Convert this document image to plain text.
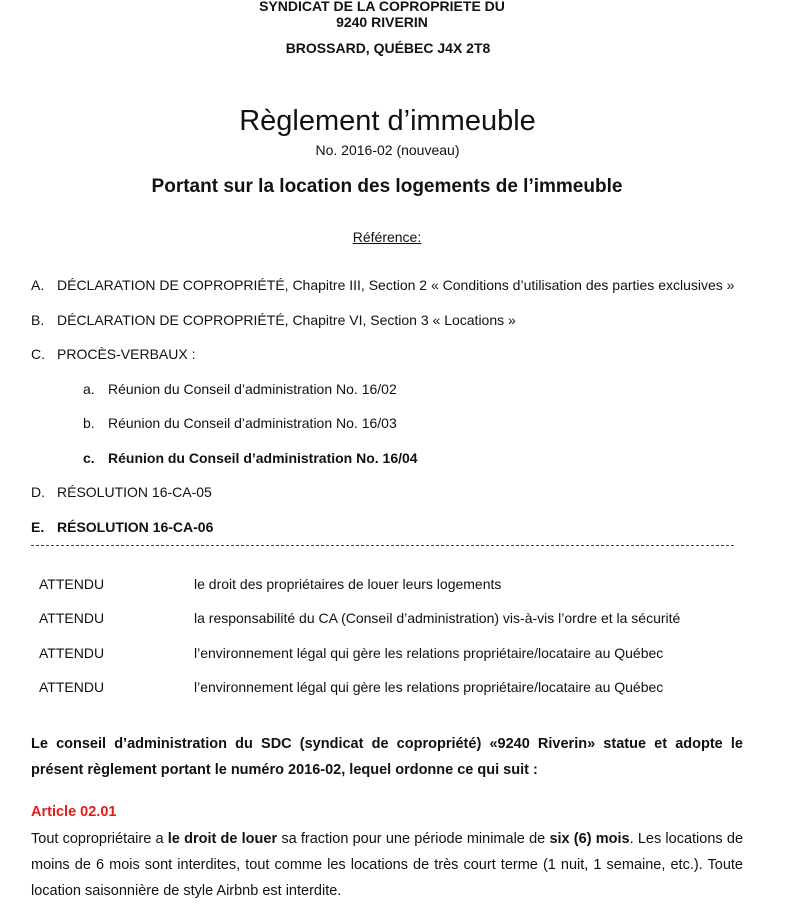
SYNDICAT DE LA COPROPRIETE DU
9240 RIVERIN
BROSSARD, QUÉBEC J4X 2T8
Règlement d’immeuble
No. 2016-02 (nouveau)
Portant sur la location des logements de l’immeuble
Référence:
A. DÉCLARATION DE COPROPRIÉTÉ, Chapitre III, Section 2 « Conditions d’utilisation des parties exclusives »
B. DÉCLARATION DE COPROPRIÉTÉ, Chapitre VI, Section 3 « Locations »
C. PROCÈS-VERBAUX :
a. Réunion du Conseil d’administration No. 16/02
b. Réunion du Conseil d’administration No. 16/03
c. Réunion du Conseil d’administration No. 16/04
D. RÉSOLUTION 16-CA-05
E. RÉSOLUTION 16-CA-06
ATTENDU	le droit des propriétaires de louer leurs logements
ATTENDU	la responsabilité du CA (Conseil d’administration) vis-à-vis l’ordre et la sécurité
ATTENDU	l’environnement légal qui gère les relations propriétaire/locataire au Québec
ATTENDU	l’environnement légal qui gère les relations propriétaire/locataire au Québec
Le conseil d’administration du SDC (syndicat de copropriété) «9240 Riverin» statue et adopte le présent règlement portant le numéro 2016-02, lequel ordonne ce qui suit :
Article 02.01
Tout copropriétaire a le droit de louer sa fraction pour une période minimale de six (6) mois. Les locations de
moins de 6 mois sont interdites, tout comme les locations de très court terme (1 nuit, 1 semaine, etc.). Toute
location saisonnière de style Airbnb est interdite.
